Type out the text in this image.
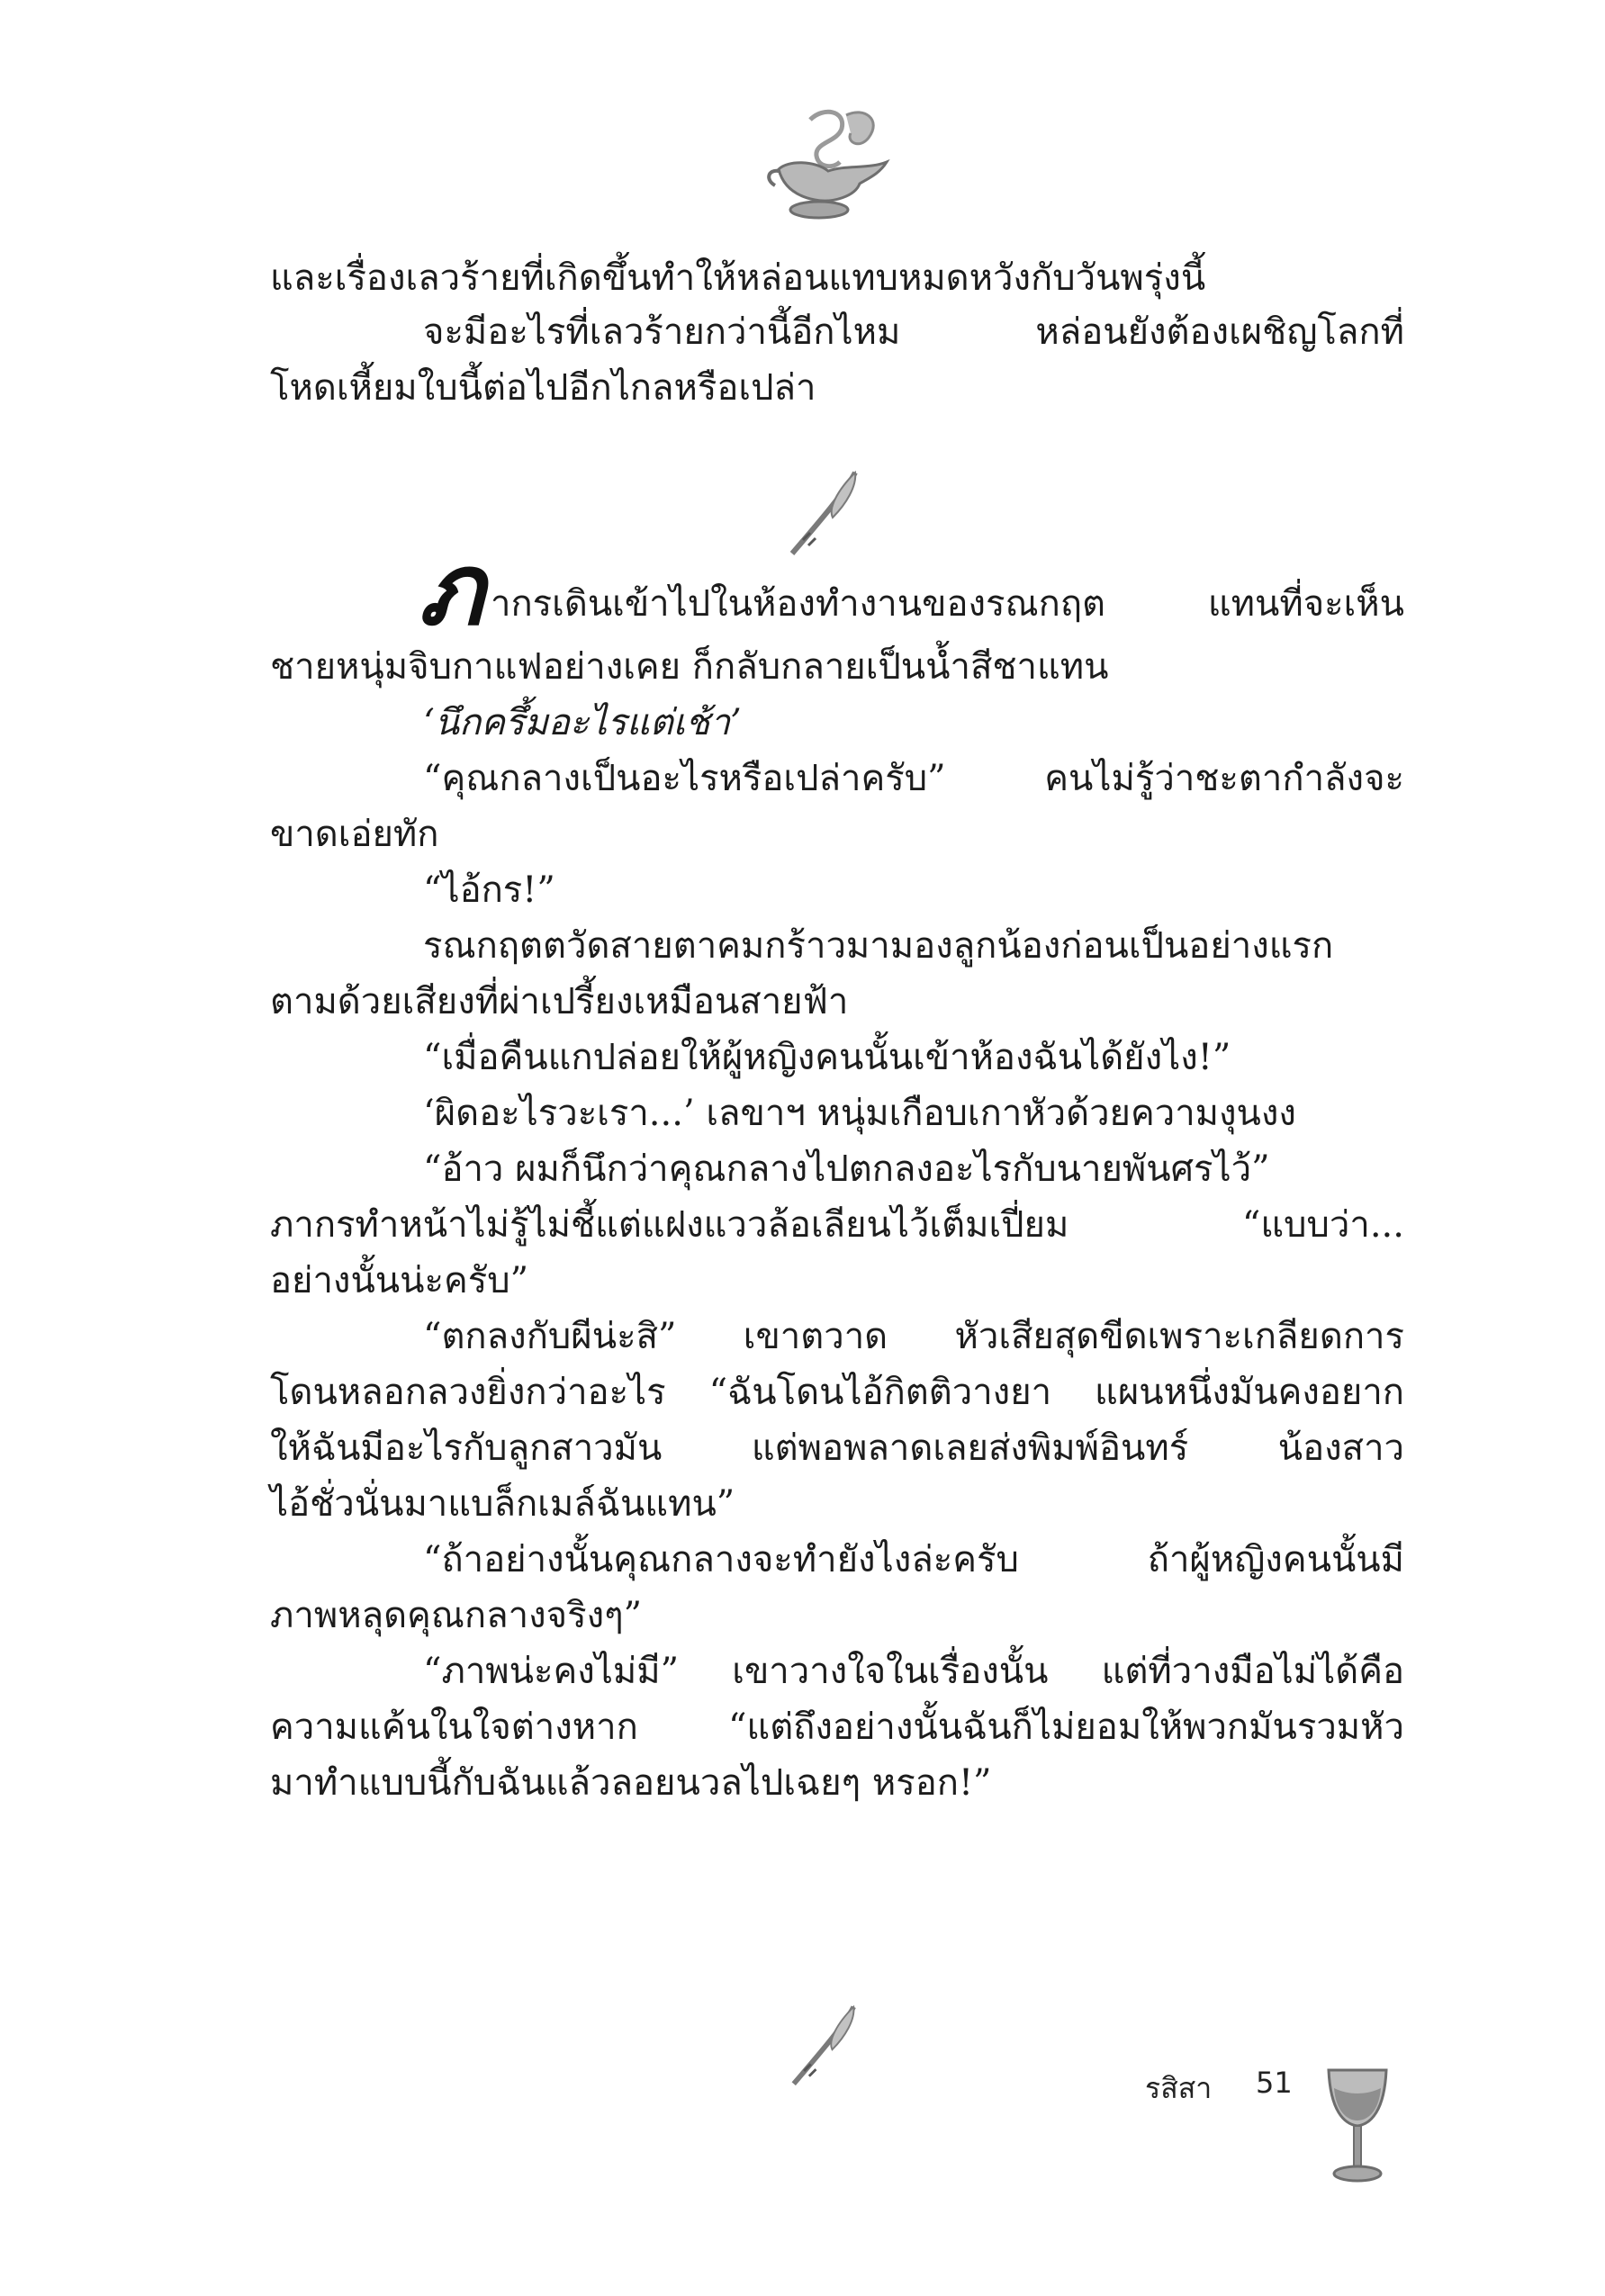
และเรื่องเลวร้ายที่เกิดขึ้นทำให้หล่อนแทบหมดหวังกับวันพรุ่งนี้
จะมีอะไรที่เลวร้ายกว่านี้อีกไหม หล่อนยังต้องเผชิญโลกที่
โหดเหี้ยมใบนี้ต่อไปอีกไกลหรือเปล่า
ากรเดินเข้าไปในห้องทำงานของรณกฤต แทนที่จะเห็น
ชายหนุ่มจิบกาแฟอย่างเคย ก็กลับกลายเป็นน้ำสีชาแทน
‘นึกครึ้มอะไรแต่เช้า’
“คุณกลางเป็นอะไรหรือเปล่าครับ” คนไม่รู้ว่าชะตากำลังจะ
ขาดเอ่ยทัก
“ไอ้กร!”
รณกฤตตวัดสายตาคมกร้าวมามองลูกน้องก่อนเป็นอย่างแรก
ตามด้วยเสียงที่ผ่าเปรี้ยงเหมือนสายฟ้า
“เมื่อคืนแกปล่อยให้ผู้หญิงคนนั้นเข้าห้องฉันได้ยังไง!”
‘ผิดอะไรวะเรา...’ เลขาฯ หนุ่มเกือบเกาหัวด้วยความงุนงง
“อ้าว ผมก็นึกว่าคุณกลางไปตกลงอะไรกับนายพันศรไว้”
ภากรทำหน้าไม่รู้ไม่ชี้แต่แฝงแววล้อเลียนไว้เต็มเปี่ยม “แบบว่า...
อย่างนั้นน่ะครับ”
“ตกลงกับผีน่ะสิ” เขาตวาด หัวเสียสุดขีดเพราะเกลียดการ
โดนหลอกลวงยิ่งกว่าอะไร “ฉันโดนไอ้กิตติวางยา แผนหนึ่งมันคงอยาก
ให้ฉันมีอะไรกับลูกสาวมัน แต่พอพลาดเลยส่งพิมพ์อินทร์ น้องสาว
ไอ้ชั่วนั่นมาแบล็กเมล์ฉันแทน”
“ถ้าอย่างนั้นคุณกลางจะทำยังไงล่ะครับ ถ้าผู้หญิงคนนั้นมี
ภาพหลุดคุณกลางจริงๆ”
“ภาพน่ะคงไม่มี” เขาวางใจในเรื่องนั้น แต่ที่วางมือไม่ได้คือ
ความแค้นในใจต่างหาก “แต่ถึงอย่างนั้นฉันก็ไม่ยอมให้พวกมันรวมหัว
มาทำแบบนี้กับฉันแล้วลอยนวลไปเฉยๆ หรอก!”
ภ
รสิสา 51
